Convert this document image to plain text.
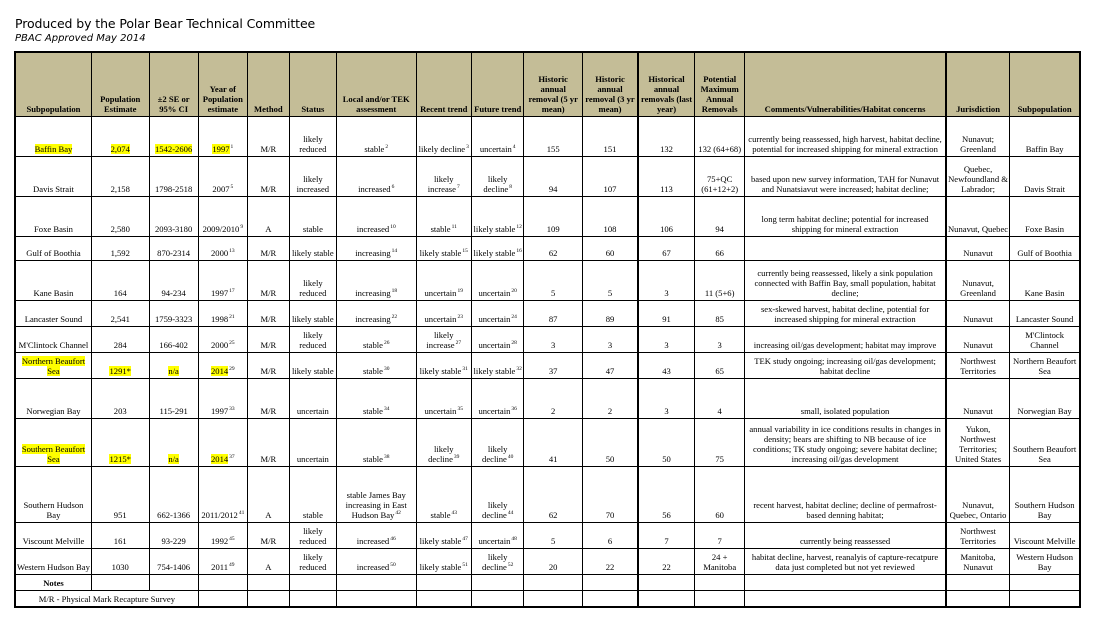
Produced by the Polar Bear Technical Committee
PBAC Approved May 2014
Subpopulation	Population Estimate	±2 SE or 95% CI	Year of Population estimate	Method	Status	Local and/or TEK assessment	Recent trend	Future trend	Historic annual removal (5 yr mean)	Historic annual removal (3 yr mean)	Historical annual removals (last year)	Potential Maximum Annual Removals	Comments/Vulnerabilities/Habitat concerns	Jurisdiction	Subpopulation
Baffin Bay	2,074	1542-2606	1997$^1$	M/R	likely reduced	stable$^2$	likely decline$^3$	uncertain$^4$	155	151	132	132 (64+68)	currently being reassessed, high harvest, habitat decline, potential for increased shipping for mineral extraction	Nunavut; Greenland	Baffin Bay
Davis Strait	2,158	1798-2518	2007$^5$	M/R	likely increased	increased$^6$	likely increase$^7$	likely decline$^8$	94	107	113	75+QC (61+12+2)	based upon new survey information, TAH for Nunavut and Nunatsiavut were increased; habitat decline;	Quebec, Newfoundland & Labrador;	Davis Strait
Foxe Basin	2,580	2093-3180	2009/2010$^9$	A	stable	increased$^{10}$	stable$^{11}$	likely stable$^{12}$	109	108	106	94	long term habitat decline; potential for increased shipping for mineral extraction	Nunavut, Quebec	Foxe Basin
Gulf of Boothia	1,592	870-2314	2000$^{13}$	M/R	likely stable	increasing$^{14}$	likely stable$^{15}$	likely stable$^{16}$	62	60	67	66		Nunavut	Gulf of Boothia
Kane Basin	164	94-234	1997$^{17}$	M/R	likely reduced	increasing$^{18}$	uncertain$^{19}$	uncertain$^{20}$	5	5	3	11 (5+6)	currently being reassessed, likely a sink population connected with Baffin Bay, small population, habitat decline;	Nunavut, Greenland	Kane Basin
Lancaster Sound	2,541	1759-3323	1998$^{21}$	M/R	likely stable	increasing$^{22}$	uncertain$^{23}$	uncertain$^{24}$	87	89	91	85	sex-skewed harvest, habitat decline, potential for increased shipping for mineral extraction	Nunavut	Lancaster Sound
M'Clintock Channel	284	166-402	2000$^{25}$	M/R	likely reduced	stable$^{26}$	likely increase$^{27}$	uncertain$^{28}$	3	3	3	3	increasing oil/gas development; habitat may improve	Nunavut	M'Clintock Channel
Northern Beaufort Sea	1291*	n/a	2014$^{29}$	M/R	likely stable	stable$^{30}$	likely stable$^{31}$	likely stable$^{32}$	37	47	43	65	TEK study ongoing; increasing oil/gas development; habitat decline	Northwest Territories	Northern Beaufort Sea
Norwegian Bay	203	115-291	1997$^{33}$	M/R	uncertain	stable$^{34}$	uncertain$^{35}$	uncertain$^{36}$	2	2	3	4	small, isolated population	Nunavut	Norwegian Bay
Southern Beaufort Sea	1215*	n/a	2014$^{37}$	M/R	uncertain	stable$^{38}$	likely decline$^{39}$	likely decline$^{40}$	41	50	50	75	annual variability in ice conditions results in changes in density; bears are shifting to NB because of ice conditions; TK study ongoing; severe habitat decline; increasing oil/gas development	Yukon, Northwest Territories; United States	Southern Beaufort Sea
Southern Hudson Bay	951	662-1366	2011/2012$^{41}$	A	stable	stable James Bay increasing in East Hudson Bay$^{42}$	stable$^{43}$	likely decline$^{44}$	62	70	56	60	recent harvest, habitat decline; decline of permafrost-based denning habitat;	Nunavut, Quebec, Ontario	Southern Hudson Bay
Viscount Melville	161	93-229	1992$^{45}$	M/R	likely reduced	increased$^{46}$	likely stable$^{47}$	uncertain$^{48}$	5	6	7	7	currently being reassessed	Northwest Territories	Viscount Melville
Western Hudson Bay	1030	754-1406	2011$^{49}$	A	likely reduced	increased$^{50}$	likely stable$^{51}$	likely decline$^{52}$	20	22	22	24 + Manitoba	habitat decline, harvest, reanalyis of capture-recatpure data just completed but not yet reviewed	Manitoba, Nunavut	Western Hudson Bay
Notes															
M/R - Physical Mark Recapture Survey															
